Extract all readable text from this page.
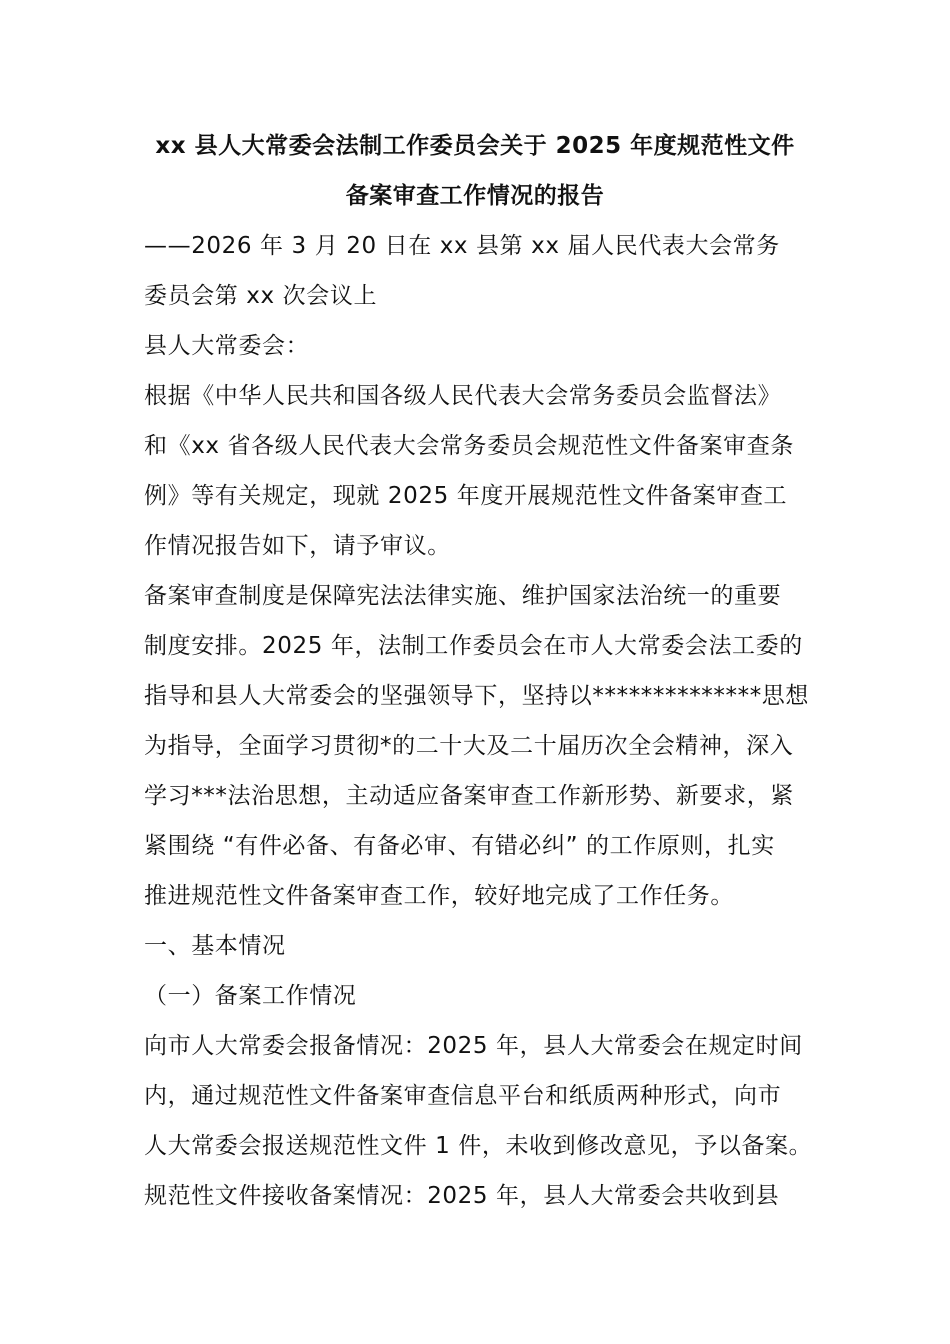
xx 县人大常委会法制工作委员会关于 2025 年度规范性文件
备案审查工作情况的报告
——2026 年 3 月 20 日在 xx 县第 xx 届人民代表大会常务
委员会第 xx 次会议上
县人大常委会：
根据《中华人民共和国各级人民代表大会常务委员会监督法》
和《xx 省各级人民代表大会常务委员会规范性文件备案审查条
例》等有关规定，现就 2025 年度开展规范性文件备案审查工
作情况报告如下，请予审议。
备案审查制度是保障宪法法律实施、维护国家法治统一的重要
制度安排。2025 年，法制工作委员会在市人大常委会法工委的
指导和县人大常委会的坚强领导下，坚持以**************思想
为指导，全面学习贯彻*的二十大及二十届历次全会精神，深入
学习***法治思想，主动适应备案审查工作新形势、新要求，紧
紧围绕 “有件必备、有备必审、有错必纠” 的工作原则，扎实
推进规范性文件备案审查工作，较好地完成了工作任务。
一、基本情况
（一）备案工作情况
向市人大常委会报备情况：2025 年，县人大常委会在规定时间
内，通过规范性文件备案审查信息平台和纸质两种形式，向市
人大常委会报送规范性文件 1 件，未收到修改意见，予以备案。
规范性文件接收备案情况：2025 年，县人大常委会共收到县
